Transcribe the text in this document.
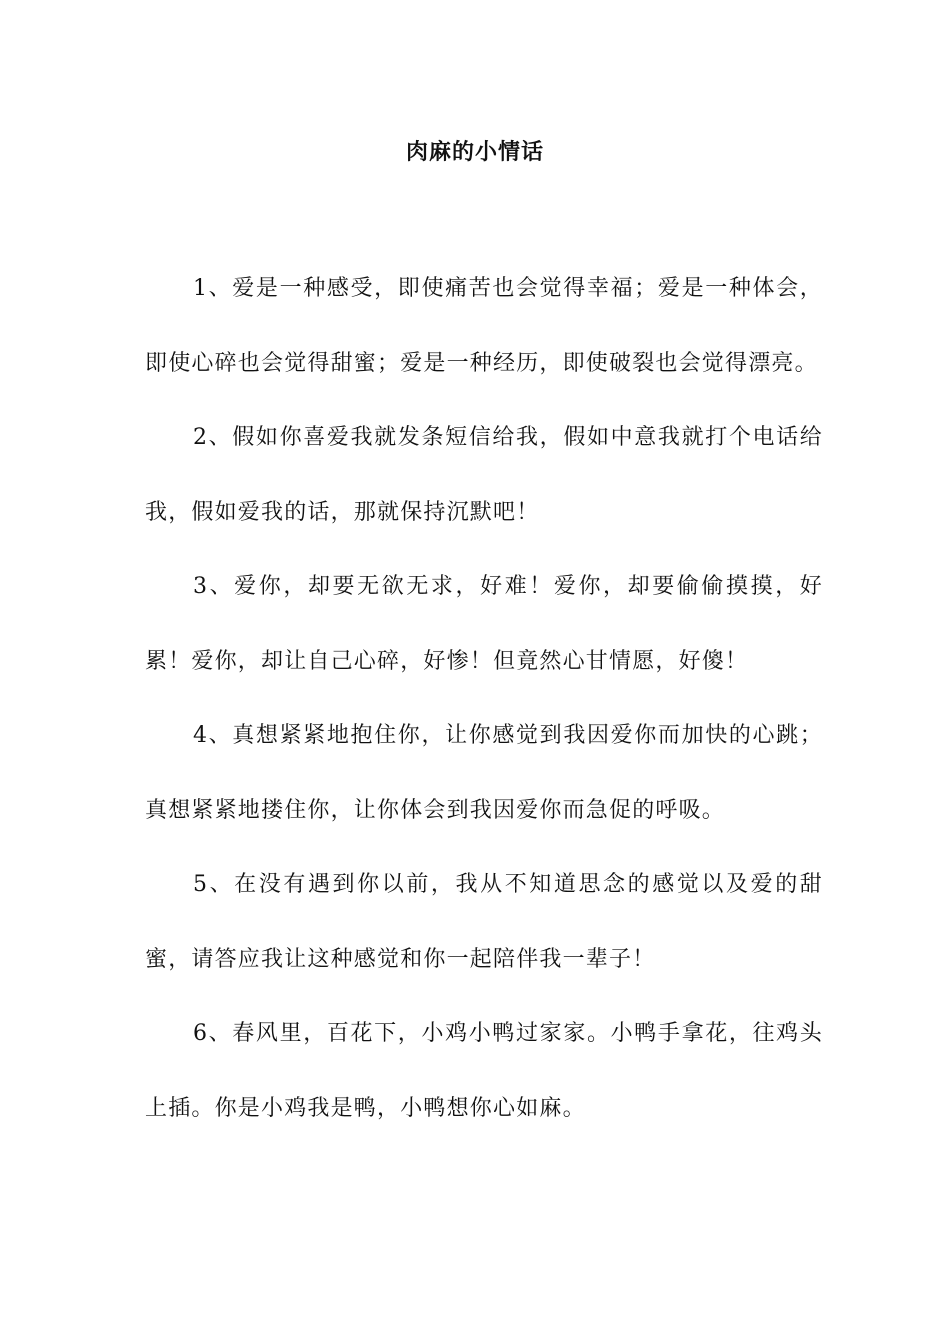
肉麻的小情话

1、爱是一种感受，即使痛苦也会觉得幸福；爱是一种体会，即使心碎也会觉得甜蜜；爱是一种经历，即使破裂也会觉得漂亮。

2、假如你喜爱我就发条短信给我，假如中意我就打个电话给我，假如爱我的话，那就保持沉默吧！

3、爱你，却要无欲无求，好难！爱你，却要偷偷摸摸，好累！爱你，却让自己心碎，好惨！但竟然心甘情愿，好傻！

4、真想紧紧地抱住你，让你感觉到我因爱你而加快的心跳；真想紧紧地搂住你，让你体会到我因爱你而急促的呼吸。

5、在没有遇到你以前，我从不知道思念的感觉以及爱的甜蜜，请答应我让这种感觉和你一起陪伴我一辈子！

6、春风里，百花下，小鸡小鸭过家家。小鸭手拿花，往鸡头上插。你是小鸡我是鸭，小鸭想你心如麻。
